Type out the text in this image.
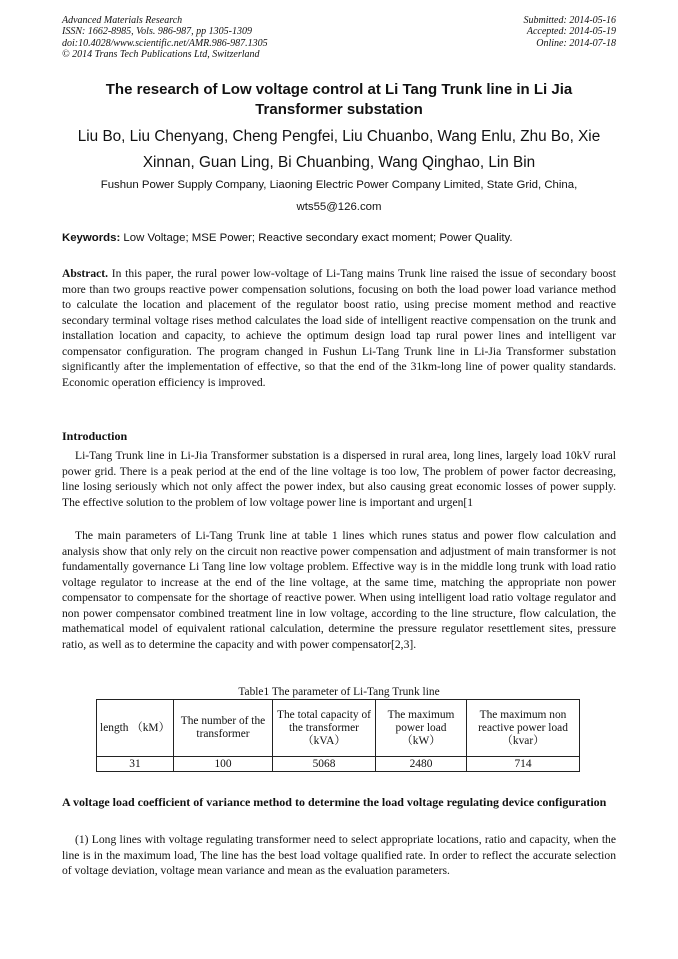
Advanced Materials Research
ISSN: 1662-8985, Vols. 986-987, pp 1305-1309
doi:10.4028/www.scientific.net/AMR.986-987.1305
© 2014 Trans Tech Publications Ltd, Switzerland
Submitted: 2014-05-16
Accepted: 2014-05-19
Online: 2014-07-18
The research of Low voltage control at Li Tang Trunk line in Li Jia Transformer substation

Liu Bo, Liu Chenyang, Cheng Pengfei, Liu Chuanbo, Wang Enlu, Zhu Bo, Xie Xinnan, Guan Ling, Bi Chuanbing, Wang Qinghao, Lin Bin

Fushun Power Supply Company, Liaoning Electric Power Company Limited, State Grid, China,
wts55@126.com

Keywords: Low Voltage; MSE Power; Reactive secondary exact moment; Power Quality.

Abstract. In this paper, the rural power low-voltage of Li-Tang mains Trunk line raised the issue of secondary boost more than two groups reactive power compensation solutions, focusing on both the load power load variance method to calculate the location and placement of the regulator boost ratio, using precise moment method and reactive secondary terminal voltage rises method calculates the load side of intelligent reactive compensation on the trunk and installation location and capacity, to achieve the optimum design load tap rural power lines and intelligent var compensator configuration. The program changed in Fushun Li-Tang Trunk line in Li-Jia Transformer substation significantly after the implementation of effective, so that the end of the 31km-long line of power quality standards. Economic operation efficiency is improved.

Introduction

Li-Tang Trunk line in Li-Jia Transformer substation is a dispersed in rural area, long lines, largely load 10kV rural power grid. There is a peak period at the end of the line voltage is too low, The problem of power factor decreasing, line losing seriously which not only affect the power index, but also causing great economic losses of power supply. The effective solution to the problem of low voltage power line is important and urgen[1

The main parameters of Li-Tang Trunk line at table 1 lines which runes status and power flow calculation and analysis show that only rely on the circuit non reactive power compensation and adjustment of main transformer is not fundamentally governance Li Tang line low voltage problem. Effective way is in the middle long trunk with load ratio voltage regulator to increase at the end of the line voltage, at the same time, matching the appropriate non power compensator to compensate for the shortage of reactive power. When using intelligent load ratio voltage regulator and non power compensator combined treatment line in low voltage, according to the line structure, flow calculation, the mathematical model of equivalent rational calculation, determine the pressure regulator resettlement sites, pressure ratio, as well as to determine the capacity and with power compensator[2,3].

Table1 The parameter of Li-Tang Trunk line

length （kM）	The number of the transformer	The total capacity of the transformer （kVA）	The maximum power load （kW）	The maximum non reactive power load （kvar）
31	100	5068	2480	714
A voltage load coefficient of variance method to determine the load voltage regulating device configuration

(1) Long lines with voltage regulating transformer need to select appropriate locations, ratio and capacity, when the line is in the maximum load, The line has the best load voltage qualified rate. In order to reflect the accurate selection of voltage deviation, voltage mean variance and mean as the evaluation parameters.
